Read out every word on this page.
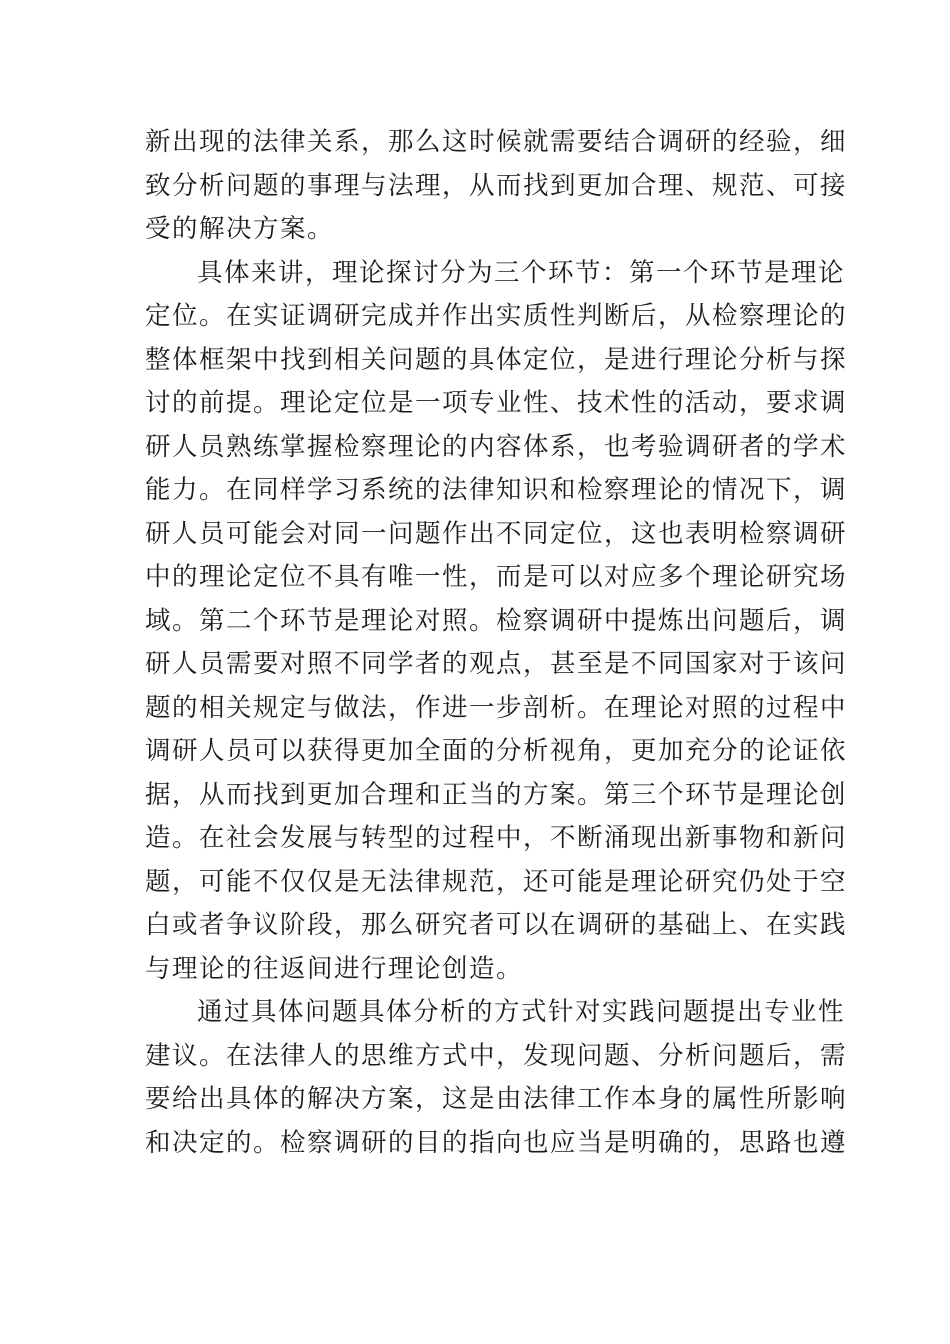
新出现的法律关系，那么这时候就需要结合调研的经验，细
致分析问题的事理与法理，从而找到更加合理、规范、可接
受的解决方案。
具体来讲，理论探讨分为三个环节：第一个环节是理论
定位。在实证调研完成并作出实质性判断后，从检察理论的
整体框架中找到相关问题的具体定位，是进行理论分析与探
讨的前提。理论定位是一项专业性、技术性的活动，要求调
研人员熟练掌握检察理论的内容体系，也考验调研者的学术
能力。在同样学习系统的法律知识和检察理论的情况下，调
研人员可能会对同一问题作出不同定位，这也表明检察调研
中的理论定位不具有唯一性，而是可以对应多个理论研究场
域。第二个环节是理论对照。检察调研中提炼出问题后，调
研人员需要对照不同学者的观点，甚至是不同国家对于该问
题的相关规定与做法，作进一步剖析。在理论对照的过程中
调研人员可以获得更加全面的分析视角，更加充分的论证依
据，从而找到更加合理和正当的方案。第三个环节是理论创
造。在社会发展与转型的过程中，不断涌现出新事物和新问
题，可能不仅仅是无法律规范，还可能是理论研究仍处于空
白或者争议阶段，那么研究者可以在调研的基础上、在实践
与理论的往返间进行理论创造。
通过具体问题具体分析的方式针对实践问题提出专业性
建议。在法律人的思维方式中，发现问题、分析问题后，需
要给出具体的解决方案，这是由法律工作本身的属性所影响
和决定的。检察调研的目的指向也应当是明确的，思路也遵
